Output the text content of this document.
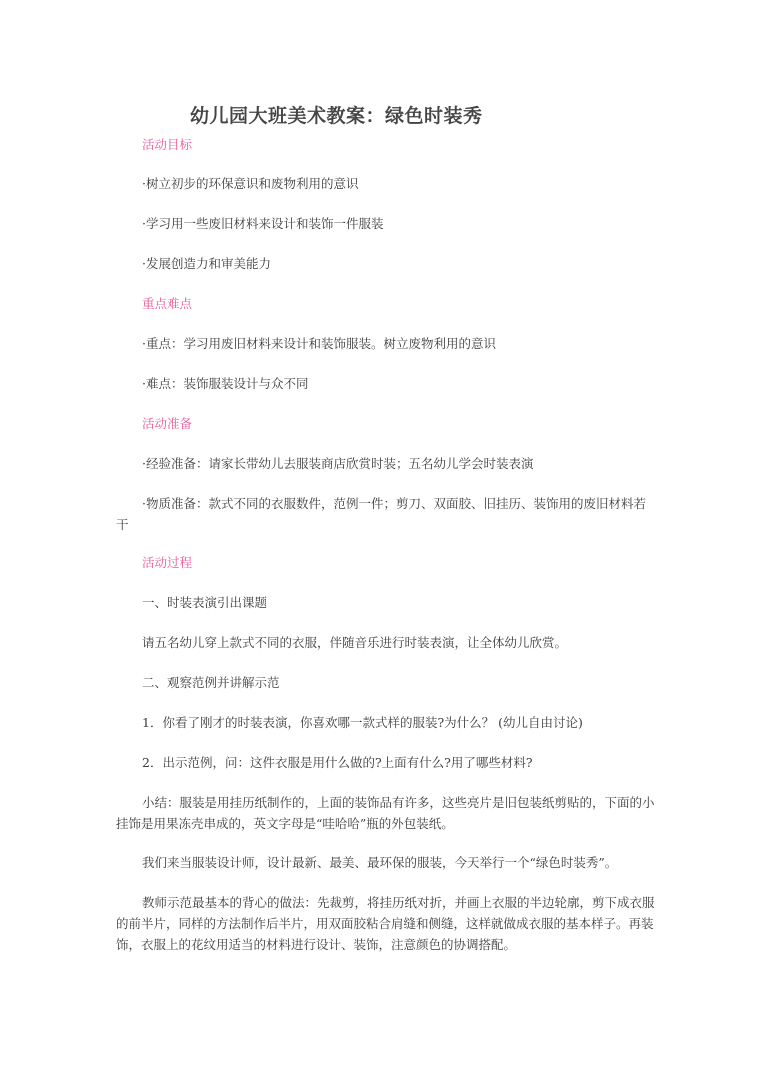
幼儿园大班美术教案：绿色时装秀
活动目标
·树立初步的环保意识和废物利用的意识
·学习用一些废旧材料来设计和装饰一件服装
·发展创造力和审美能力
重点难点
·重点：学习用废旧材料来设计和装饰服装。树立废物利用的意识
·难点：装饰服装设计与众不同
活动准备
·经验准备：请家长带幼儿去服装商店欣赏时装；五名幼儿学会时装表演
·物质准备：款式不同的衣服数件，范例一件；剪刀、双面胶、旧挂历、装饰用的废旧材料若干
活动过程
一、时装表演引出课题
请五名幼儿穿上款式不同的衣服，伴随音乐进行时装表演，让全体幼儿欣赏。
二、观察范例并讲解示范
1．你看了刚才的时装表演，你喜欢哪一款式样的服装?为什么？ (幼儿自由讨论)
2．出示范例，问：这件衣服是用什么做的?上面有什么?用了哪些材料?
小结：服装是用挂历纸制作的，上面的装饰品有许多，这些亮片是旧包装纸剪贴的，下面的小挂饰是用果冻壳串成的，英文字母是“哇哈哈”瓶的外包装纸。
我们来当服装设计师，设计最新、最美、最环保的服装，今天举行一个“绿色时装秀”。
教师示范最基本的背心的做法：先裁剪，将挂历纸对折，并画上衣服的半边轮廓，剪下成衣服的前半片，同样的方法制作后半片，用双面胶粘合肩缝和侧缝，这样就做成衣服的基本样子。再装饰，衣服上的花纹用适当的材料进行设计、装饰，注意颜色的协调搭配。
